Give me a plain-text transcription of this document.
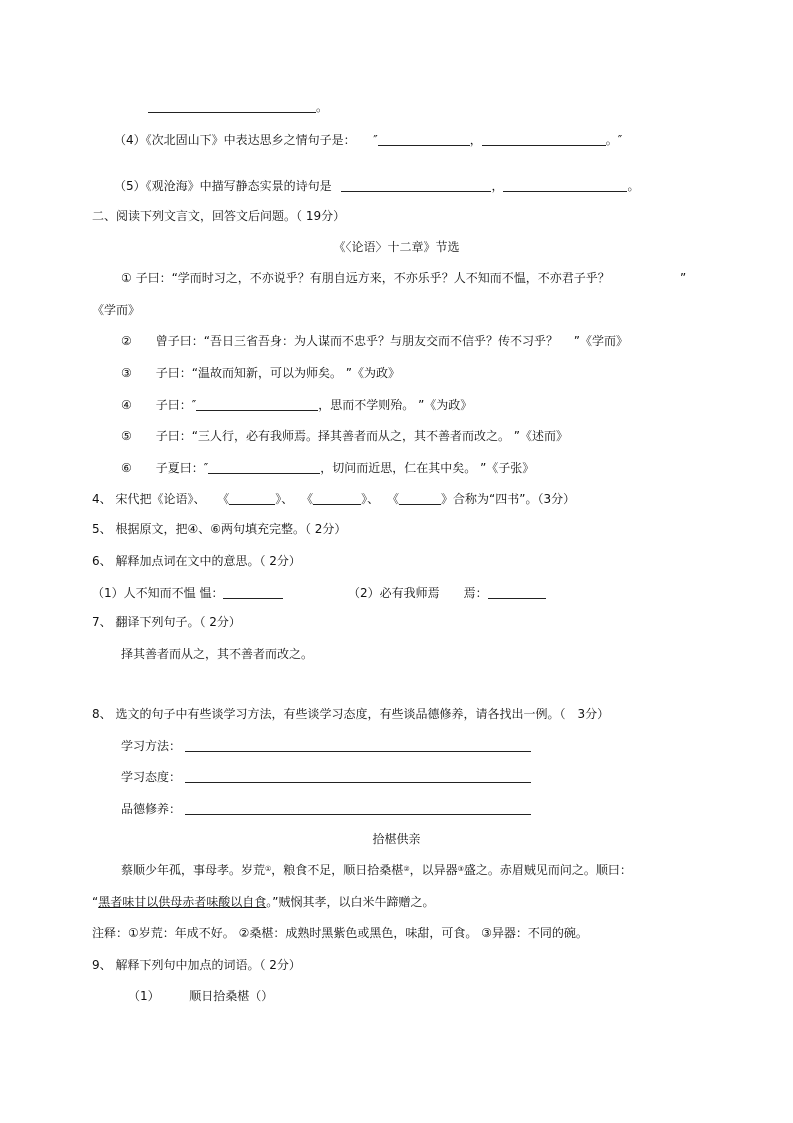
。
（4）《次北固山下》中表达思乡之情句子是： ″	，	。″
（5）《观沧海》中描写静态实景的诗句是	，	。
二、阅读下列文言文，回答文后问题。（ 19分）
《〈论语〉十二章》节选
① 子曰：“学而时习之，不亦说乎？有朋自远方来，不亦乐乎？人不知而不愠，不亦君子乎？	”
《学而》
②　　曾子曰：“吾日三省吾身：为人谋而不忠乎？与朋友交而不信乎？传不习乎？　 ”《学而》
③　　子曰：“温故而知新，可以为师矣。 ”《为政》
④　　子曰：″	，思而不学则殆。 ”《为政》
⑤　　子曰：“三人行，必有我师焉。择其善者而从之，其不善者而改之。 ”《述而》
⑥　　子夏曰：″	，切问而近思，仁在其中矣。 ”《子张》
4、 宋代把《论语》、 《	》、 《	》、 《	》合称为“四书”。（3分）
5、 根据原文，把④、⑥两句填充完整。（ 2分）
6、 解释加点词在文中的意思。（ 2分）
（1）人不知而不愠 愠：	（2）必有我师焉　　焉：
7、 翻译下列句子。（ 2分）
择其善者而从之，其不善者而改之。
8、 选文的句子中有些谈学习方法，有些谈学习态度，有些谈品德修养，请各找出一例。（　3分）
学习方法：
学习态度：
品德修养：
拾椹供亲
蔡顺少年孤，事母孝。岁荒①，粮食不足，顺日拾桑椹②，以异器③盛之。赤眉贼见而问之。顺曰：
“黑者味甘以供母赤者味酸以自食。”贼悯其孝，以白米牛蹄赠之。
注释：①岁荒：年成不好。 ②桑椹：成熟时黑紫色或黑色，味甜，可食。 ③异器：不同的碗。
9、 解释下列句中加点的词语。（ 2分）
（1） 顺日拾桑椹（）
